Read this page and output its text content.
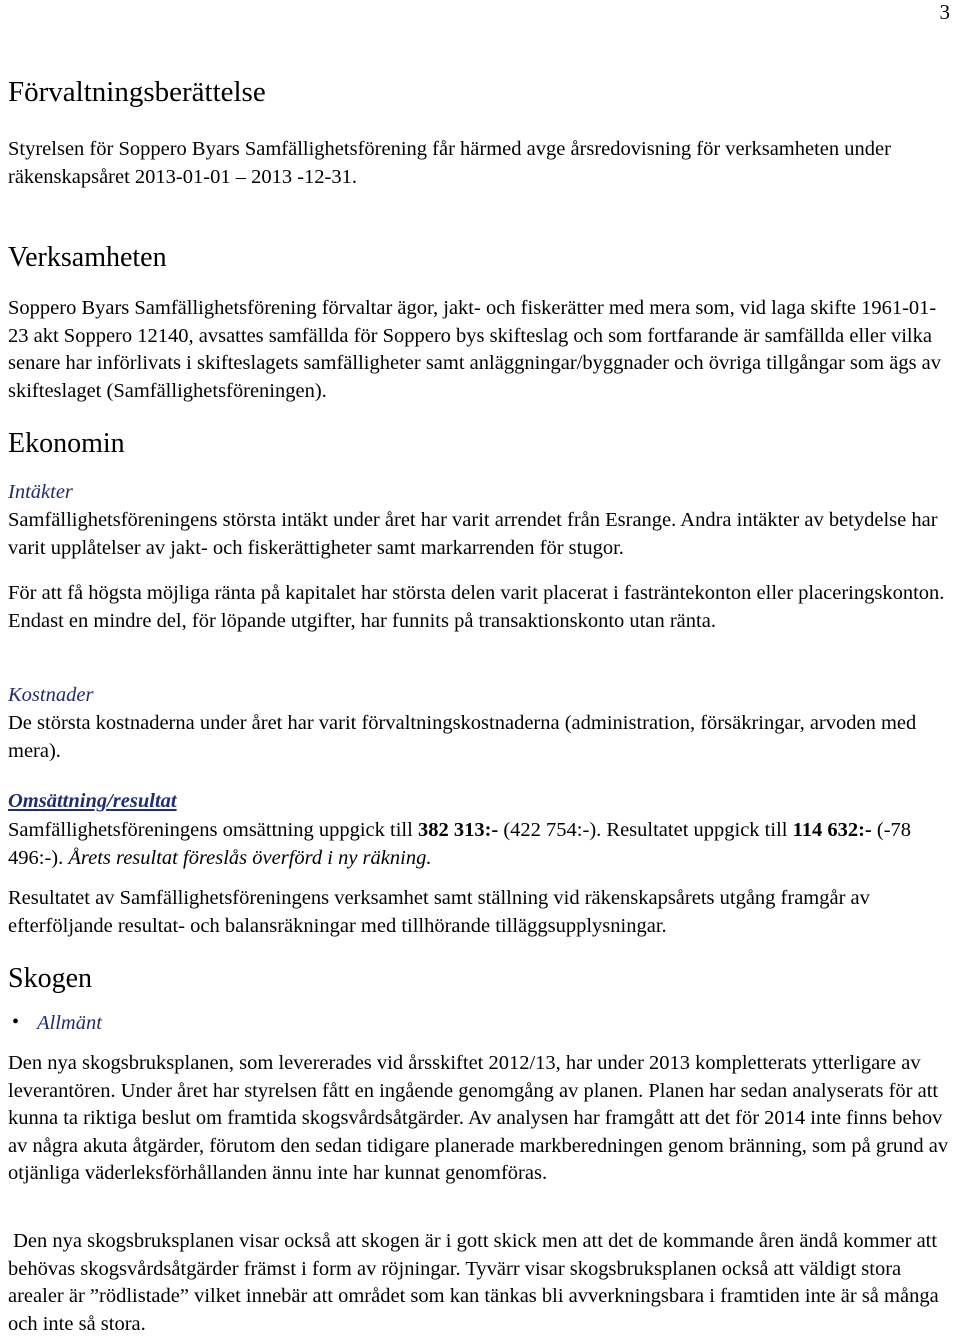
3
Förvaltningsberättelse

Styrelsen för Soppero Byars Samfällighetsförening får härmed avge årsredovisning för verksamheten under räkenskapsåret 2013-01-01 – 2013 -12-31.

Verksamheten

Soppero Byars Samfällighetsförening förvaltar ägor, jakt- och fiskerätter med mera som, vid laga skifte 1961-01-23 akt Soppero 12140, avsattes samfällda för Soppero bys skifteslag och som fortfarande är samfällda eller vilka senare har införlivats i skifteslagets samfälligheter samt anläggningar/byggnader och övriga tillgångar som ägs av skifteslaget (Samfällighetsföreningen).

Ekonomin
Intäkter

Samfällighetsföreningens största intäkt under året har varit arrendet från Esrange. Andra intäkter av betydelse har varit upplåtelser av jakt- och fiskerättigheter samt markarrenden för stugor.

För att få högsta möjliga ränta på kapitalet har största delen varit placerat i fasträntekonton eller placeringskonton. Endast en mindre del, för löpande utgifter, har funnits på transaktionskonto utan ränta.

Kostnader

De största kostnaderna under året har varit förvaltningskostnaderna (administration, försäkringar, arvoden med mera).

Omsättning/resultat

Samfällighetsföreningens omsättning uppgick till 382 313:- (422 754:-). Resultatet uppgick till 114 632:- (-78 496:-). Årets resultat föreslås överförd i ny räkning.

Resultatet av Samfällighetsföreningens verksamhet samt ställning vid räkenskapsårets utgång framgår av efterföljande resultat- och balansräkningar med tillhörande tilläggsupplysningar.

Skogen
• Allmänt

Den nya skogsbruksplanen, som levererades vid årsskiftet 2012/13, har under 2013 kompletterats ytterligare av leverantören. Under året har styrelsen fått en ingående genomgång av planen. Planen har sedan analyserats för att kunna ta riktiga beslut om framtida skogsvårdsåtgärder. Av analysen har framgått att det för 2014 inte finns behov av några akuta åtgärder, förutom den sedan tidigare planerade markberedningen genom bränning, som på grund av otjänliga väderleksförhållanden ännu inte har kunnat genomföras.

Den nya skogsbruksplanen visar också att skogen är i gott skick men att det de kommande åren ändå kommer att behövas skogsvårdsåtgärder främst i form av röjningar. Tyvärr visar skogsbruksplanen också att väldigt stora arealer är ”rödlistade” vilket innebär att området som kan tänkas bli avverkningsbara i framtiden inte är så många och inte så stora.
